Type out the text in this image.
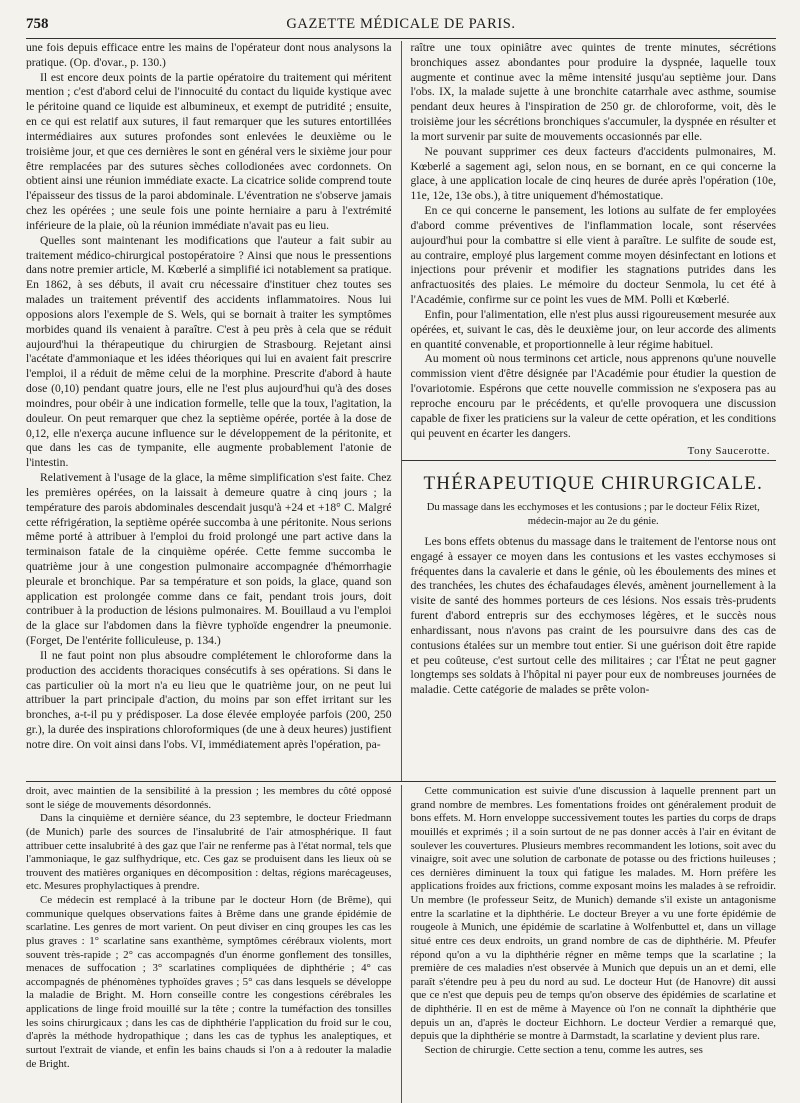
758	GAZETTE MÉDICALE DE PARIS.

une fois depuis efficace entre les mains de l'opérateur dont nous analysons la pratique. (Op. d'ovar., p. 130.)

Il est encore deux points de la partie opératoire du traitement qui méritent mention ; c'est d'abord celui de l'innocuité du contact du liquide kystique avec le péritoine quand ce liquide est albumineux, et exempt de putridité ; ensuite, en ce qui est relatif aux sutures, il faut remarquer que les sutures entortillées intermédiaires aux sutures profondes sont enlevées le deuxième ou le troisième jour, et que ces dernières le sont en général vers le sixième jour pour être remplacées par des sutures sèches collodionées avec cordonnets. On obtient ainsi une réunion immédiate exacte. La cicatrice solide comprend toute l'épaisseur des tissus de la paroi abdominale. L'éventration ne s'observe jamais chez les opérées ; une seule fois une pointe herniaire a paru à l'extrémité inférieure de la plaie, où la réunion immédiate n'avait pas eu lieu.

Quelles sont maintenant les modifications que l'auteur a fait subir au traitement médico-chirurgical postopératoire ? Ainsi que nous le pressentions dans notre premier article, M. Kœberlé a simplifié ici notablement sa pratique. En 1862, à ses débuts, il avait cru nécessaire d'instituer chez toutes ses malades un traitement préventif des accidents inflammatoires. Nous lui opposions alors l'exemple de S. Wels, qui se bornait à traiter les symptômes morbides quand ils venaient à paraître. C'est à peu près à cela que se réduit aujourd'hui la thérapeutique du chirurgien de Strasbourg. Rejetant ainsi l'acétate d'ammoniaque et les idées théoriques qui lui en avaient fait prescrire l'emploi, il a réduit de même celui de la morphine. Prescrite d'abord à haute dose (0,10) pendant quatre jours, elle ne l'est plus aujourd'hui qu'à des doses moindres, pour obéir à une indication formelle, telle que la toux, l'agitation, la douleur. On peut remarquer que chez la septième opérée, portée à la dose de 0,12, elle n'exerça aucune influence sur le développement de la péritonite, et que dans les cas de tympanite, elle augmente probablement l'atonie de l'intestin.

Relativement à l'usage de la glace, la même simplification s'est faite. Chez les premières opérées, on la laissait à demeure quatre à cinq jours ; la température des parois abdominales descendait jusqu'à +24 et +18° C. Malgré cette réfrigération, la septième opérée succomba à une péritonite. Nous serions même porté à attribuer à l'emploi du froid prolongé une part active dans la terminaison fatale de la cinquième opérée. Cette femme succomba le quatrième jour à une congestion pulmonaire accompagnée d'hémorrhagie pleurale et bronchique. Par sa température et son poids, la glace, quand son application est prolongée comme dans ce fait, pendant trois jours, doit contribuer à la production de lésions pulmonaires. M. Bouillaud a vu l'emploi de la glace sur l'abdomen dans la fièvre typhoïde engendrer la pneumonie. (Forget, De l'entérite folliculeuse, p. 134.)

Il ne faut point non plus absoudre complétement le chloroforme dans la production des accidents thoraciques consécutifs à ses opérations. Si dans le cas particulier où la mort n'a eu lieu que le quatrième jour, on ne peut lui attribuer la part principale d'action, du moins par son effet irritant sur les bronches, a-t-il pu y prédisposer. La dose élevée employée parfois (200, 250 gr.), la durée des inspirations chloroformiques (de une à deux heures) justifient notre dire. On voit ainsi dans l'obs. VI, immédiatement après l'opération, pa-

raître une toux opiniâtre avec quintes de trente minutes, sécrétions bronchiques assez abondantes pour produire la dyspnée, laquelle toux augmente et continue avec la même intensité jusqu'au septième jour. Dans l'obs. IX, la malade sujette à une bronchite catarrhale avec asthme, soumise pendant deux heures à l'inspiration de 250 gr. de chloroforme, voit, dès le troisième jour les sécrétions bronchiques s'accumuler, la dyspnée en résulter et la mort survenir par suite de mouvements occasionnés par elle.

Ne pouvant supprimer ces deux facteurs d'accidents pulmonaires, M. Kœberlé a sagement agi, selon nous, en se bornant, en ce qui concerne la glace, à une application locale de cinq heures de durée après l'opération (10e, 11e, 12e, 13e obs.), à titre uniquement d'hémostatique.

En ce qui concerne le pansement, les lotions au sulfate de fer employées d'abord comme préventives de l'inflammation locale, sont réservées aujourd'hui pour la combattre si elle vient à paraître. Le sulfite de soude est, au contraire, employé plus largement comme moyen désinfectant en lotions et injections pour prévenir et modifier les stagnations putrides dans les anfractuosités des plaies. Le mémoire du docteur Senmola, lu cet été à l'Académie, confirme sur ce point les vues de MM. Polli et Kœberlé.

Enfin, pour l'alimentation, elle n'est plus aussi rigoureusement mesurée aux opérées, et, suivant le cas, dès le deuxième jour, on leur accorde des aliments en quantité convenable, et proportionnelle à leur régime habituel.

Au moment où nous terminons cet article, nous apprenons qu'une nouvelle commission vient d'être désignée par l'Académie pour étudier la question de l'ovariotomie. Espérons que cette nouvelle commission ne s'exposera pas au reproche encouru par le précédents, et qu'elle provoquera une discussion capable de fixer les praticiens sur la valeur de cette opération, et les conditions qui peuvent en écarter les dangers.

Tony Saucerotte.
THÉRAPEUTIQUE CHIRURGICALE.
Du massage dans les ecchymoses et les contusions ; par le docteur Félix Rizet, médecin-major au 2e du génie.

Les bons effets obtenus du massage dans le traitement de l'entorse nous ont engagé à essayer ce moyen dans les contusions et les vastes ecchymoses si fréquentes dans la cavalerie et dans le génie, où les éboulements des mines et des tranchées, les chutes des échafaudages élevés, amènent journellement à la visite de santé des hommes porteurs de ces lésions. Nos essais très-prudents furent d'abord entrepris sur des ecchymoses légères, et le succès nous enhardissant, nous n'avons pas craint de les poursuivre dans des cas de contusions étalées sur un membre tout entier. Si une guérison doit être rapide et peu coûteuse, c'est surtout celle des militaires ; car l'État ne peut gagner longtemps ses soldats à l'hôpital ni payer pour eux de nombreuses journées de maladie. Cette catégorie de malades se prête volon-

droit, avec maintien de la sensibilité à la pression ; les membres du côté opposé sont le siége de mouvements désordonnés.

Dans la cinquième et dernière séance, du 23 septembre, le docteur Friedmann (de Munich) parle des sources de l'insalubrité de l'air atmosphérique. Il faut attribuer cette insalubrité à des gaz que l'air ne renferme pas à l'état normal, tels que l'ammoniaque, le gaz sulfhydrique, etc. Ces gaz se produisent dans les lieux où se trouvent des matières organiques en décomposition : deltas, régions marécageuses, etc. Mesures prophylactiques à prendre.

Ce médecin est remplacé à la tribune par le docteur Horn (de Brême), qui communique quelques observations faites à Brême dans une grande épidémie de scarlatine. Les genres de mort varient. On peut diviser en cinq groupes les cas les plus graves : 1° scarlatine sans exanthème, symptômes cérébraux violents, mort souvent très-rapide ; 2° cas accompagnés d'un énorme gonflement des tonsilles, menaces de suffocation ; 3° scarlatines compliquées de diphthérie ; 4° cas accompagnés de phénomènes typhoïdes graves ; 5° cas dans lesquels se développe la maladie de Bright. M. Horn conseille contre les congestions cérébrales les applications de linge froid mouillé sur la tête ; contre la tuméfaction des tonsilles les soins chirurgicaux ; dans les cas de diphthérie l'application du froid sur le cou, d'après la méthode hydropathique ; dans les cas de typhus les analeptiques, et surtout l'extrait de viande, et enfin les bains chauds si l'on a à redouter la maladie de Bright.

Cette communication est suivie d'une discussion à laquelle prennent part un grand nombre de membres. Les fomentations froides ont généralement produit de bons effets. M. Horn enveloppe successivement toutes les parties du corps de draps mouillés et exprimés ; il a soin surtout de ne pas donner accès à l'air en évitant de soulever les couvertures. Plusieurs membres recommandent les lotions, soit avec du vinaigre, soit avec une solution de carbonate de potasse ou des frictions huileuses ; ces dernières diminuent la toux qui fatigue les malades. M. Horn préfère les applications froides aux frictions, comme exposant moins les malades à se refroidir. Un membre (le professeur Seitz, de Munich) demande s'il existe un antagonisme entre la scarlatine et la diphthérie. Le docteur Breyer a vu une forte épidémie de rougeole à Munich, une épidémie de scarlatine à Wolfenbuttel et, dans un village situé entre ces deux endroits, un grand nombre de cas de diphthérie. M. Pfeufer répond qu'on a vu la diphthérie régner en même temps que la scarlatine ; la première de ces maladies n'est observée à Munich que depuis un an et demi, elle paraît s'étendre peu à peu du nord au sud. Le docteur Hut (de Hanovre) dit aussi que ce n'est que depuis peu de temps qu'on observe des épidémies de scarlatine et de diphthérie. Il en est de même à Mayence où l'on ne connaît la diphthérie que depuis un an, d'après le docteur Eichhorn. Le docteur Verdier a remarqué que, depuis que la diphthérie se montre à Darmstadt, la scarlatine y devient plus rare.

Section de chirurgie. Cette section a tenu, comme les autres, ses
